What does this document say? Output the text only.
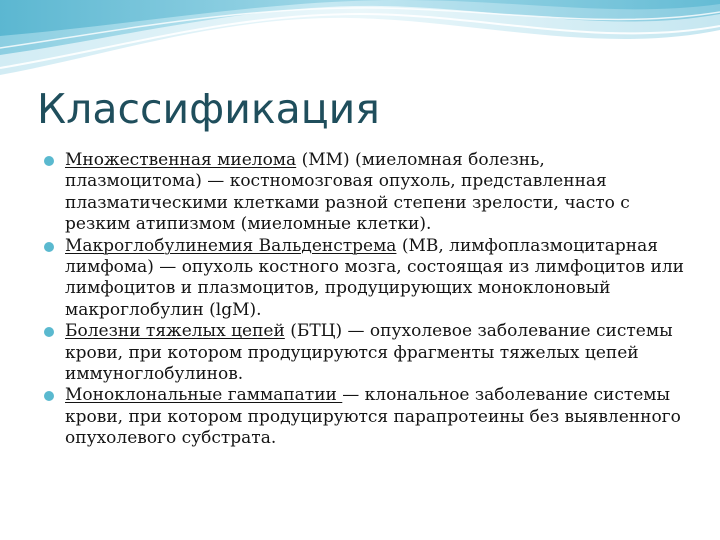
Классификация
Множественная миелома (ММ) (миеломная болезнь, плазмоцитома) — костномозговая опухоль, представленная плазматическими клетками разной степени зрелости, часто с резким атипизмом (миеломные клетки).
Макроглобулинемия Вальденстрема (МВ, лимфоплазмоцитарная лимфома) — опухоль костного мозга, состоящая из лимфоцитов или лимфоцитов и плазмоцитов, продуцирующих моноклоновый макроглобулин (lgM).
Болезни тяжелых цепей (БТЦ) — опухолевое заболевание системы крови, при котором продуцируются фрагменты тяжелых цепей иммуноглобулинов.
Моноклональные гаммапатии — клональное заболевание системы крови, при котором продуцируются парапротеины без выявленного опухолевого субстрата.
